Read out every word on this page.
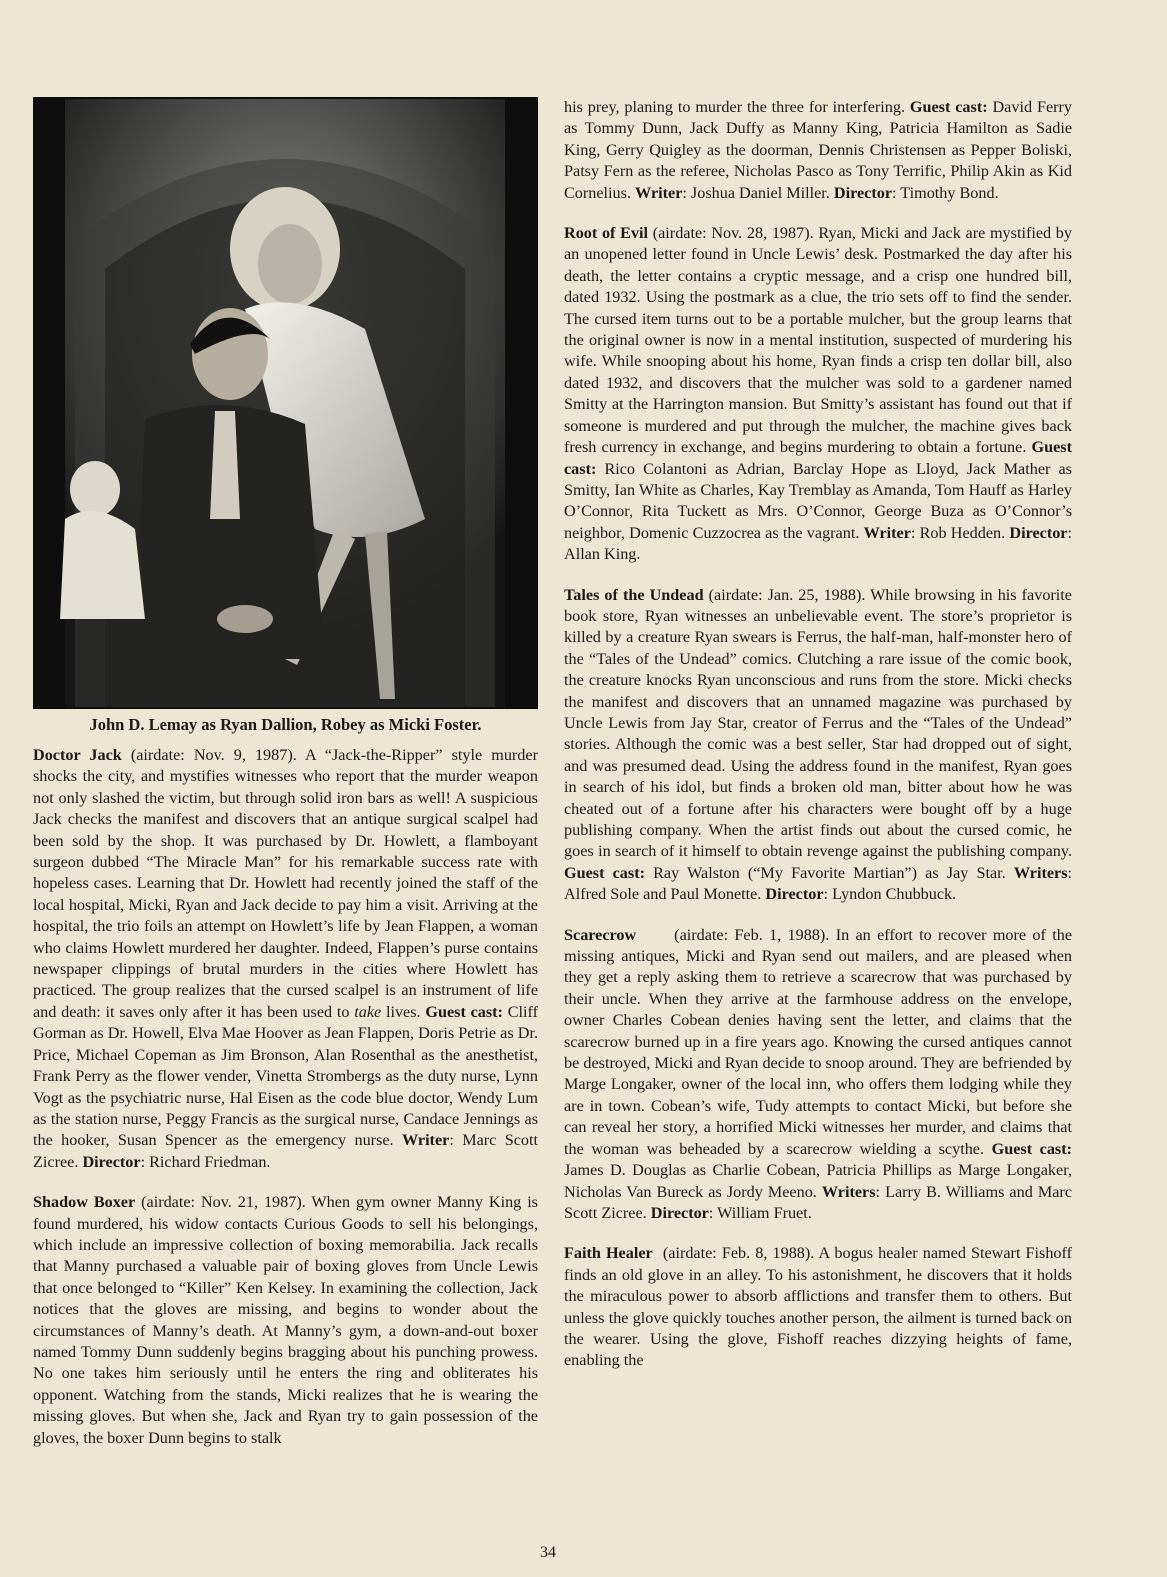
John D. Lemay as Ryan Dallion, Robey as Micki Foster.

Doctor Jack (airdate: Nov. 9, 1987). A “Jack-the-Ripper” style murder shocks the city, and mystifies witnesses who report that the murder weapon not only slashed the victim, but through solid iron bars as well! A suspicious Jack checks the manifest and discovers that an antique surgical scalpel had been sold by the shop. It was purchased by Dr. Howlett, a flamboyant surgeon dubbed “The Miracle Man” for his remarkable success rate with hopeless cases. Learning that Dr. Howlett had recently joined the staff of the local hospital, Micki, Ryan and Jack decide to pay him a visit. Arriving at the hospital, the trio foils an attempt on Howlett’s life by Jean Flappen, a woman who claims Howlett murdered her daughter. Indeed, Flappen’s purse contains newspaper clippings of brutal murders in the cities where Howlett has practiced. The group realizes that the cursed scalpel is an instrument of life and death: it saves only after it has been used to take lives. Guest cast: Cliff Gorman as Dr. Howell, Elva Mae Hoover as Jean Flappen, Doris Petrie as Dr. Price, Michael Copeman as Jim Bronson, Alan Rosenthal as the anesthetist, Frank Perry as the flower vender, Vinetta Strombergs as the duty nurse, Lynn Vogt as the psychiatric nurse, Hal Eisen as the code blue doctor, Wendy Lum as the station nurse, Peggy Francis as the surgical nurse, Candace Jennings as the hooker, Susan Spencer as the emergency nurse. Writer: Marc Scott Zicree. Director: Richard Friedman.

Shadow Boxer (airdate: Nov. 21, 1987). When gym owner Manny King is found murdered, his widow contacts Curious Goods to sell his belongings, which include an impressive collection of boxing memorabilia. Jack recalls that Manny purchased a valuable pair of boxing gloves from Uncle Lewis that once belonged to “Killer” Ken Kelsey. In examining the collection, Jack notices that the gloves are missing, and begins to wonder about the circumstances of Manny’s death. At Manny’s gym, a down-and-out boxer named Tommy Dunn suddenly begins bragging about his punching prowess. No one takes him seriously until he enters the ring and obliterates his opponent. Watching from the stands, Micki realizes that he is wearing the missing gloves. But when she, Jack and Ryan try to gain possession of the gloves, the boxer Dunn begins to stalk

34

his prey, planing to murder the three for interfering. Guest cast: David Ferry as Tommy Dunn, Jack Duffy as Manny King, Patricia Hamilton as Sadie King, Gerry Quigley as the doorman, Dennis Christensen as Pepper Boliski, Patsy Fern as the referee, Nicholas Pasco as Tony Terrific, Philip Akin as Kid Cornelius. Writer: Joshua Daniel Miller. Director: Timothy Bond.

Root of Evil (airdate: Nov. 28, 1987). Ryan, Micki and Jack are mystified by an unopened letter found in Uncle Lewis’ desk. Postmarked the day after his death, the letter contains a cryptic message, and a crisp one hundred bill, dated 1932. Using the postmark as a clue, the trio sets off to find the sender. The cursed item turns out to be a portable mulcher, but the group learns that the original owner is now in a mental institution, suspected of murdering his wife. While snooping about his home, Ryan finds a crisp ten dollar bill, also dated 1932, and discovers that the mulcher was sold to a gardener named Smitty at the Harrington mansion. But Smitty’s assistant has found out that if someone is murdered and put through the mulcher, the machine gives back fresh currency in exchange, and begins murdering to obtain a fortune. Guest cast: Rico Colantoni as Adrian, Barclay Hope as Lloyd, Jack Mather as Smitty, Ian White as Charles, Kay Tremblay as Amanda, Tom Hauff as Harley O’Connor, Rita Tuckett as Mrs. O’Connor, George Buza as O’Connor’s neighbor, Domenic Cuzzocrea as the vagrant. Writer: Rob Hedden. Director: Allan King.

Tales of the Undead (airdate: Jan. 25, 1988). While browsing in his favorite book store, Ryan witnesses an unbelievable event. The store’s proprietor is killed by a creature Ryan swears is Ferrus, the half-man, half-monster hero of the “Tales of the Undead” comics. Clutching a rare issue of the comic book, the creature knocks Ryan unconscious and runs from the store. Micki checks the manifest and discovers that an unnamed magazine was purchased by Uncle Lewis from Jay Star, creator of Ferrus and the “Tales of the Undead” stories. Although the comic was a best seller, Star had dropped out of sight, and was presumed dead. Using the address found in the manifest, Ryan goes in search of his idol, but finds a broken old man, bitter about how he was cheated out of a fortune after his characters were bought off by a huge publishing company. When the artist finds out about the cursed comic, he goes in search of it himself to obtain revenge against the publishing company. Guest cast: Ray Walston (“My Favorite Martian”) as Jay Star. Writers: Alfred Sole and Paul Monette. Director: Lyndon Chubbuck.

Scarecrow      (airdate: Feb. 1, 1988). In an effort to recover more of the missing antiques, Micki and Ryan send out mailers, and are pleased when they get a reply asking them to retrieve a scarecrow that was purchased by their uncle. When they arrive at the farmhouse address on the envelope, owner Charles Cobean denies having sent the letter, and claims that the scarecrow burned up in a fire years ago. Knowing the cursed antiques cannot be destroyed, Micki and Ryan decide to snoop around. They are befriended by Marge Longaker, owner of the local inn, who offers them lodging while they are in town. Cobean’s wife, Tudy attempts to contact Micki, but before she can reveal her story, a horrified Micki witnesses her murder, and claims that the woman was beheaded by a scarecrow wielding a scythe. Guest cast: James D. Douglas as Charlie Cobean, Patricia Phillips as Marge Longaker, Nicholas Van Bureck as Jordy Meeno. Writers: Larry B. Williams and Marc Scott Zicree. Director: William Fruet.

Faith Healer  (airdate: Feb. 8, 1988). A bogus healer named Stewart Fishoff finds an old glove in an alley. To his astonishment, he discovers that it holds the miraculous power to absorb afflictions and transfer them to others. But unless the glove quickly touches another person, the ailment is turned back on the wearer. Using the glove, Fishoff reaches dizzying heights of fame, enabling the
